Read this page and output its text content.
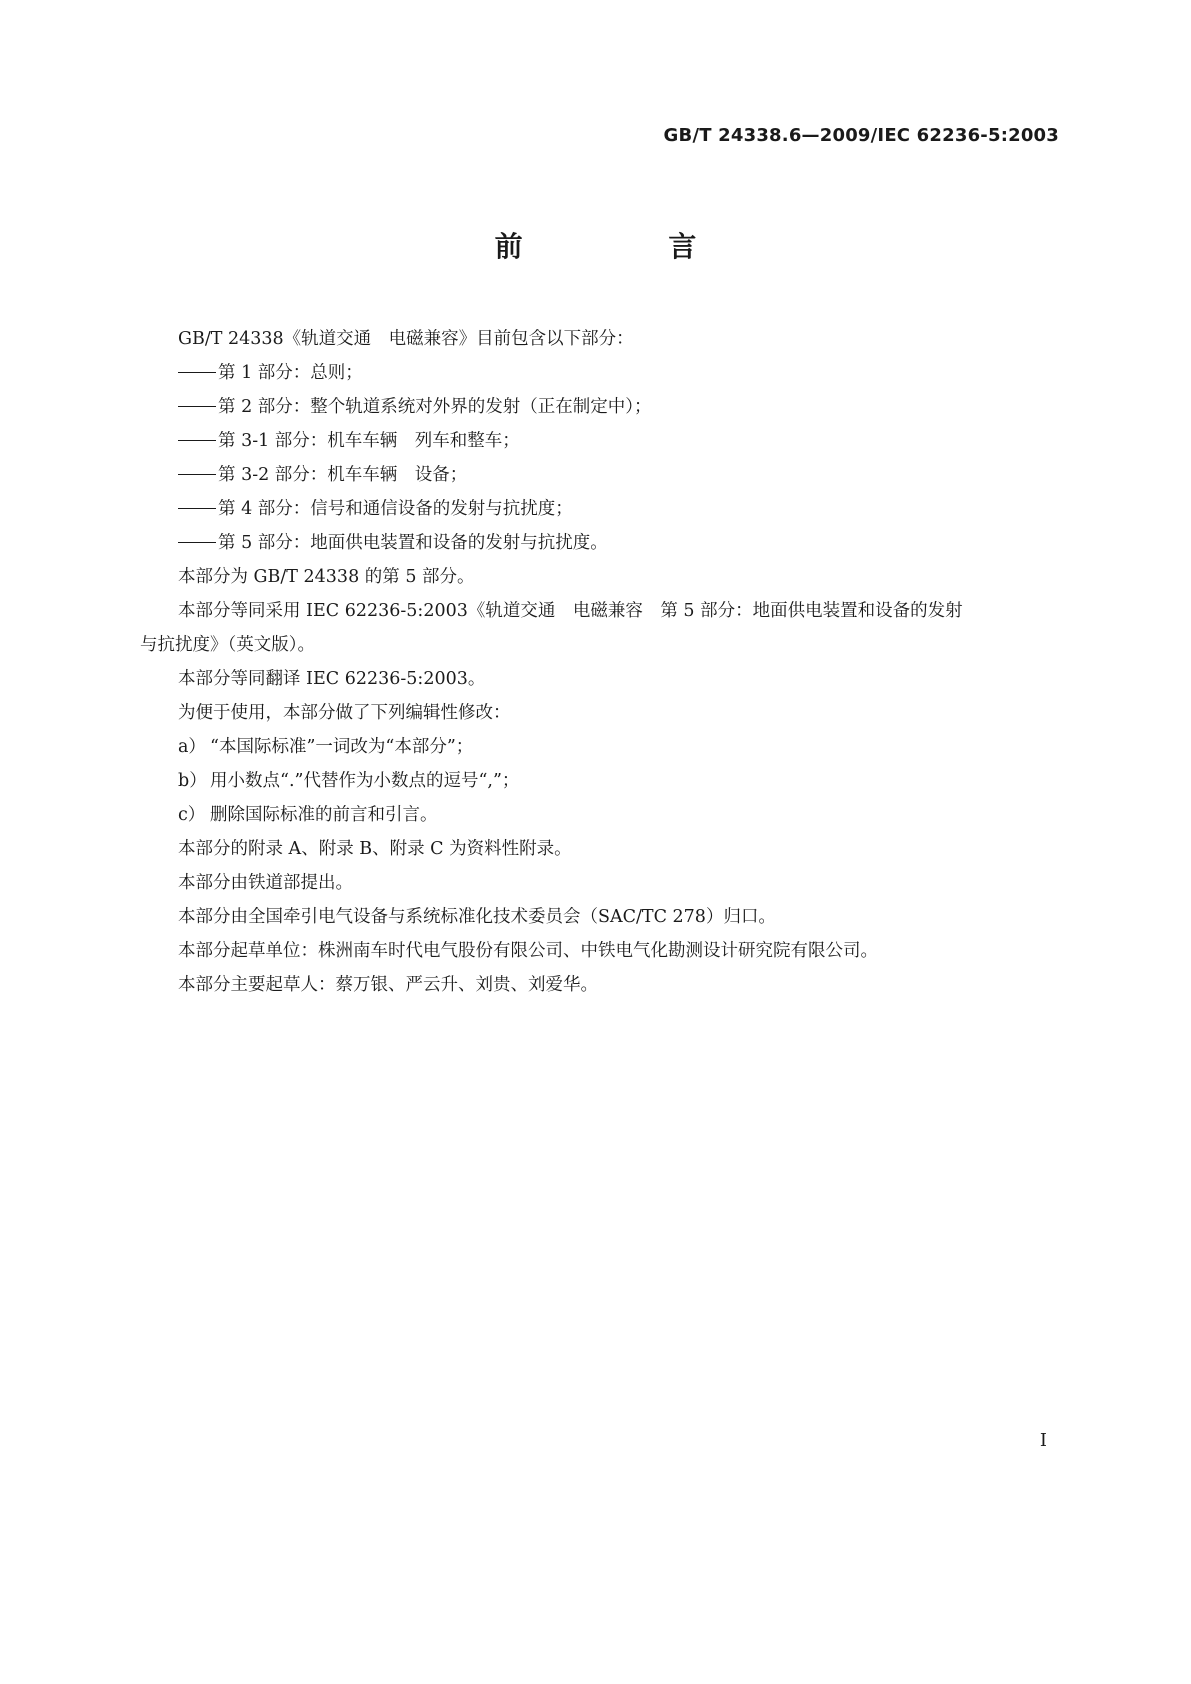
GB/T 24338.6—2009/IEC 62236-5:2003
前 言

GB/T 24338《轨道交通　电磁兼容》目前包含以下部分：

第 1 部分：总则；

第 2 部分：整个轨道系统对外界的发射（正在制定中）；

第 3-1 部分：机车车辆　列车和整车；

第 3-2 部分：机车车辆　设备；

第 4 部分：信号和通信设备的发射与抗扰度；

第 5 部分：地面供电装置和设备的发射与抗扰度。

本部分为 GB/T 24338 的第 5 部分。

本部分等同采用 IEC 62236-5:2003《轨道交通　电磁兼容　第 5 部分：地面供电装置和设备的发射

与抗扰度》（英文版）。

本部分等同翻译 IEC 62236-5:2003。

为便于使用，本部分做了下列编辑性修改：

a） “本国际标准”一词改为“本部分”；

b） 用小数点“.”代替作为小数点的逗号“,”；

c） 删除国际标准的前言和引言。

本部分的附录 A、附录 B、附录 C 为资料性附录。

本部分由铁道部提出。

本部分由全国牵引电气设备与系统标准化技术委员会（SAC/TC 278）归口。

本部分起草单位：株洲南车时代电气股份有限公司、中铁电气化勘测设计研究院有限公司。

本部分主要起草人：蔡万银、严云升、刘贵、刘爱华。

I
